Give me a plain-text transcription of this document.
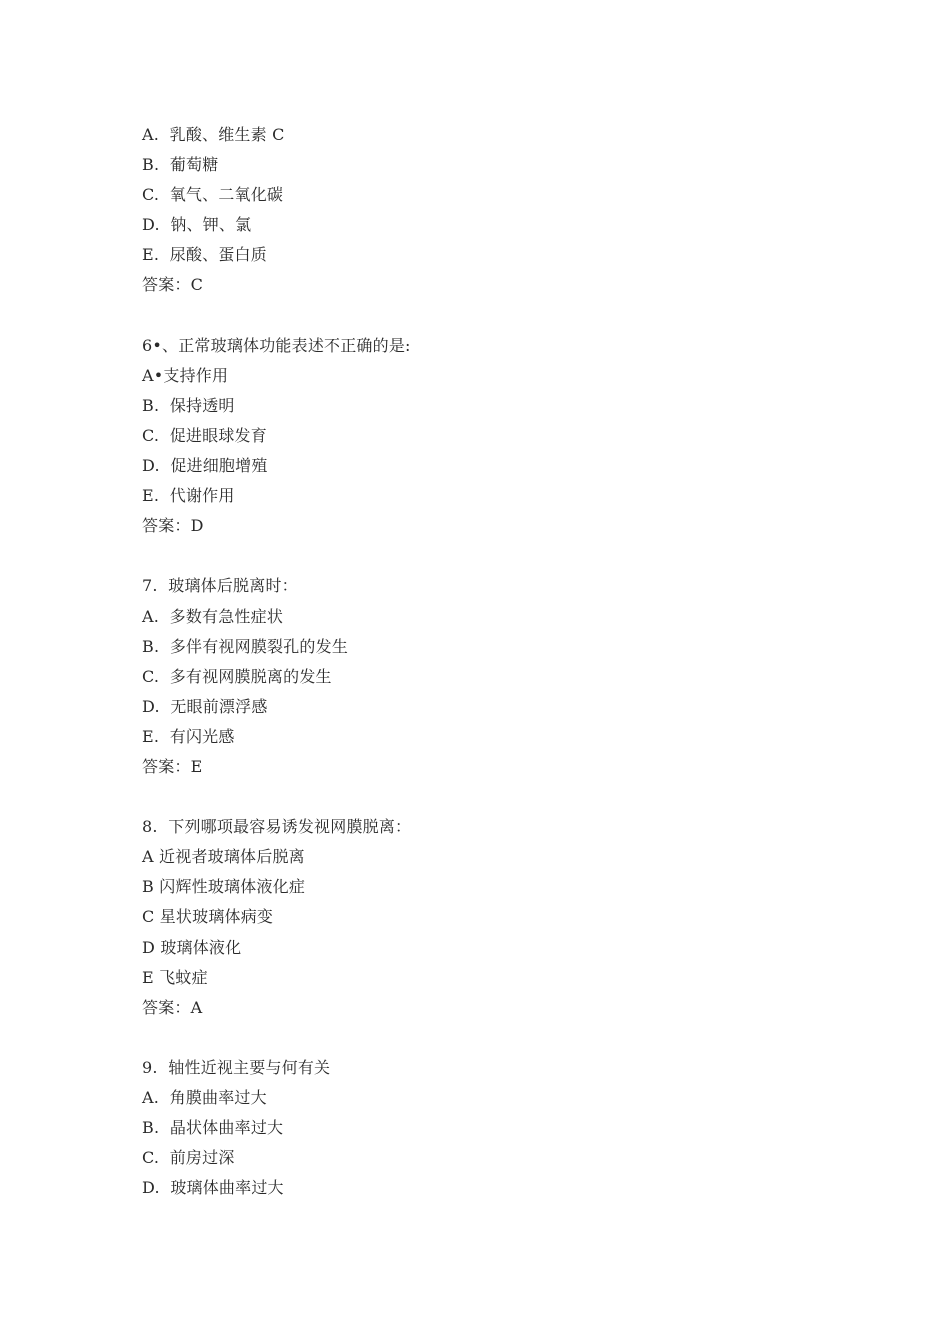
A.  乳酸、维生素 C
B.  葡萄糖
C.  氧气、二氧化碳
D.  钠、钾、氯
E.  尿酸、蛋白质
答案：C
6•、正常玻璃体功能表述不正确的是:
A•支持作用
B.  保持透明
C.  促进眼球发育
D.  促进细胞增殖
E.  代谢作用
答案：D
7.  玻璃体后脱离时：
A.  多数有急性症状
B.  多伴有视网膜裂孔的发生
C.  多有视网膜脱离的发生
D.  无眼前漂浮感
E.  有闪光感
答案：E
8.  下列哪项最容易诱发视网膜脱离：
A 近视者玻璃体后脱离
B 闪辉性玻璃体液化症
C 星状玻璃体病变
D 玻璃体液化
E 飞蚊症
答案：A
9.  轴性近视主要与何有关
A.  角膜曲率过大
B.  晶状体曲率过大
C.  前房过深
D.  玻璃体曲率过大
